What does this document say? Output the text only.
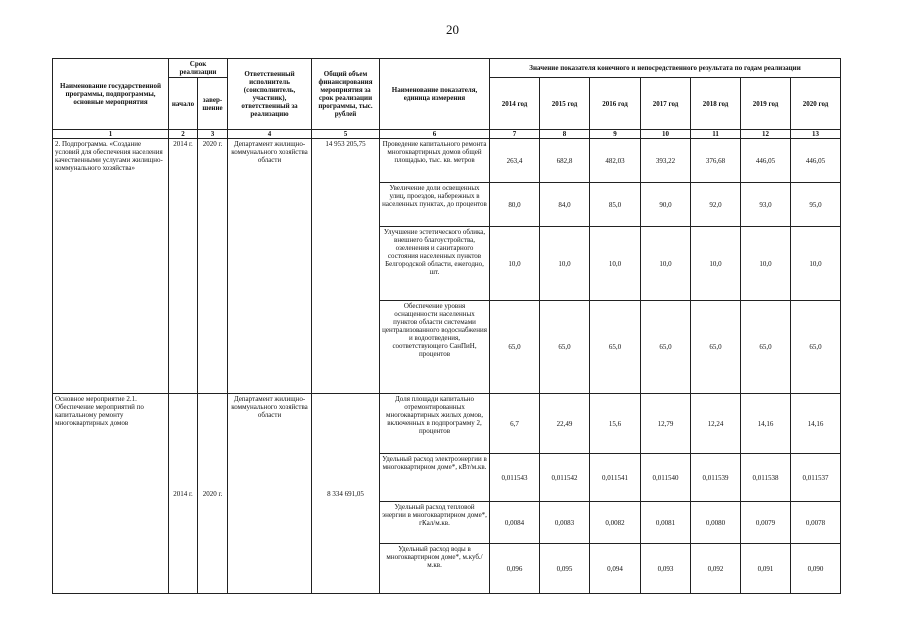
20
Наименование государственной программы, подпрограммы, основные мероприятия	Срок реализации		Ответственный исполнитель (соисполнитель, участник), ответственный за реализацию	Общий объем финансирования мероприятия за срок реализации программы, тыс. рублей	Наименование показателя, единица измерения	Значение показателя конечного и непосредственного результата по годам реализации						
	начало	завер-шение				2014 год	2015 год	2016 год	2017 год	2018 год	2019 год	2020 год
1	2	3	4	5	6	7	8	9	10	11	12	13
2. Подпрограмма. «Создание условий для обеспечения населения качественными услугами жилищно-коммунального хозяйства»	2014 г.	2020 г.	Департамент жилищно-коммунального хозяйства области	14 953 205,75	Проведение капитального ремонта многоквартирных домов общей площадью, тыс. кв. метров	263,4	682,8	482,03	393,22	376,68	446,05	446,05
					Увеличение доли освещенных улиц, проездов, набережных в населенных пунктах, до процентов	80,0	84,0	85,0	90,0	92,0	93,0	95,0
					Улучшение эстетического облика, внешнего благоустройства, озеленения и санитарного состояния населенных пунктов Белгородской области, ежегодно, шт.	10,0	10,0	10,0	10,0	10,0	10,0	10,0
					Обеспечение уровня оснащенности населенных пунктов области системами централизованного водоснабжения и водоотведения, соответствующего СанПиН, процентов	65,0	65,0	65,0	65,0	65,0	65,0	65,0
Основное мероприятие 2.1. Обеспечение мероприятий по капитальному ремонту многоквартирных домов	2014 г.	2020 г.	Департамент жилищно-коммунального хозяйства области	8 334 691,05	Доля площади капитально отремонтированных многоквартирных жилых домов, включенных в подпрограмму 2, процентов	6,7	22,49	15,6	12,79	12,24	14,16	14,16
					Удельный расход электроэнергии в многоквартирном доме*, кВт/м.кв.	0,011543	0,011542	0,011541	0,011540	0,011539	0,011538	0,011537
					Удельный расход тепловой энергии в многоквартирном доме*, гКал/м.кв.	0,0084	0,0083	0,0082	0,0081	0,0080	0,0079	0,0078
					Удельный расход воды в многоквартирном доме*, м.куб./м.кв.	0,096	0,095	0,094	0,093	0,092	0,091	0,090
